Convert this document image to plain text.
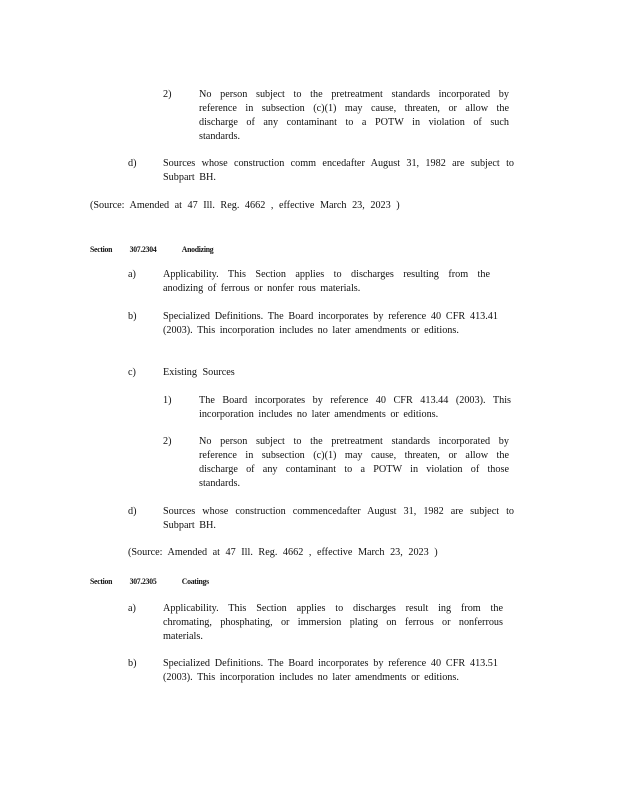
2)	No person subject to the pretreatment standards incorporated by reference in subsection (c)(1) may cause, threaten, or allow the discharge of any contaminant to a POTW in violation of such standards.

d)	Sources whose construction comm encedafter August 31, 1982 are subject to Subpart BH.

(Source: Amended at 47 Ill. Reg. 4662 , effective March 23, 2023 )

Section 307.2304	Anodizing

a)	Applicability. This Section applies to discharges resulting from the anodizing of ferrous or nonfer rous materials.

b)	Specialized Definitions. The Board incorporates by reference 40 CFR 413.41 (2003). This incorporation includes no later amendments or editions.

c)	Existing Sources

1)	The Board incorporates by reference 40 CFR 413.44 (2003). This incorporation includes no later amendments or editions.

2)	No person subject to the pretreatment standards incorporated by reference in subsection (c)(1) may cause, threaten, or allow the discharge of any contaminant to a POTW in violation of those standards.

d)	Sources whose construction commencedafter August 31, 1982 are subject to Subpart BH.

(Source: Amended at 47 Ill. Reg. 4662 , effective March 23, 2023 )

Section 307.2305	Coatings

a)	Applicability. This Section applies to discharges result ing from the chromating, phosphating, or immersion plating on ferrous or nonferrous materials.

b)	Specialized Definitions. The Board incorporates by reference 40 CFR 413.51 (2003). This incorporation includes no later amendments or editions.
